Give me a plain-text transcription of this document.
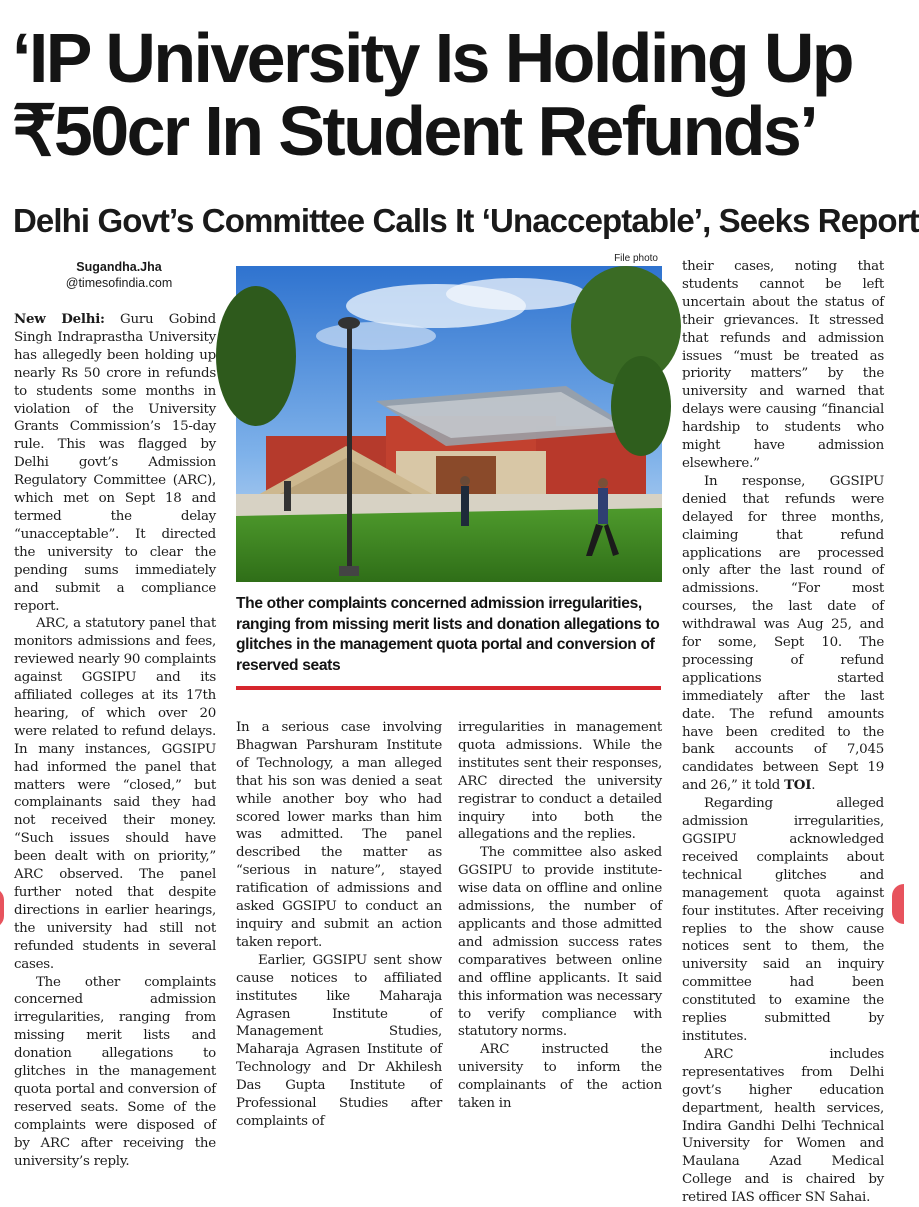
‘IP University Is Holding Up
₹50cr In Student Refunds’
Delhi Govt’s Committee Calls It ‘Unacceptable’, Seeks Report
Sugandha.Jha
@timesofindia.com
File photo

New Delhi: Guru Gobind Singh Indraprastha University has allegedly been holding up nearly Rs 50 crore in refunds to students some months in violation of the University Grants Commission’s 15-day rule. This was flagged by Delhi govt’s Admission Regulatory Committee (ARC), which met on Sept 18 and termed the delay “unacceptable”. It directed the university to clear the pending sums immediately and submit a compliance report.

ARC, a statutory panel that monitors admissions and fees, reviewed nearly 90 complaints against GGSIPU and its affiliated colleges at its 17th hearing, of which over 20 were related to refund delays. In many instances, GGSIPU had informed the panel that matters were “closed,” but complainants said they had not received their money. “Such issues should have been dealt with on priority,” ARC observed. The panel further noted that despite directions in earlier hearings, the university had still not refunded students in several cases.

The other complaints concerned admission irregularities, ranging from missing merit lists and donation allegations to glitches in the management quota portal and conversion of reserved seats. Some of the complaints were disposed of by ARC after receiving the university’s reply.

The other complaints concerned admission irregularities, ranging from missing merit lists and donation allegations to glitches in the management quota portal and conversion of reserved seats

In a serious case involving Bhagwan Parshuram Institute of Technology, a man alleged that his son was denied a seat while another boy who had scored lower marks than him was admitted. The panel described the matter as “serious in nature”, stayed ratification of admissions and asked GGSIPU to conduct an inquiry and submit an action taken report.

Earlier, GGSIPU sent show cause notices to affiliated institutes like Maharaja Agrasen Institute of Management Studies, Maharaja Agrasen Institute of Technology and Dr Akhilesh Das Gupta Institute of Professional Studies after complaints of

irregularities in management quota admissions. While the institutes sent their responses, ARC directed the university registrar to conduct a detailed inquiry into both the allegations and the replies.

The committee also asked GGSIPU to provide institute-wise data on offline and online admissions, the number of applicants and those admitted and admission success rates comparatives between online and offline applicants. It said this information was necessary to verify compliance with statutory norms.

ARC instructed the university to inform the complainants of the action taken in

their cases, noting that students cannot be left uncertain about the status of their grievances. It stressed that refunds and admission issues “must be treated as priority matters” by the university and warned that delays were causing “financial hardship to students who might have admission elsewhere.”

In response, GGSIPU denied that refunds were delayed for three months, claiming that refund applications are processed only after the last round of admissions. “For most courses, the last date of withdrawal was Aug 25, and for some, Sept 10. The processing of refund applications started immediately after the last date. The refund amounts have been credited to the bank accounts of 7,045 candidates between Sept 19 and 26,” it told TOI.

Regarding alleged admission irregularities, GGSIPU acknowledged received complaints about technical glitches and management quota against four institutes. After receiving replies to the show cause notices sent to them, the university said an inquiry committee had been constituted to examine the replies submitted by institutes.

ARC includes representatives from Delhi govt’s higher education department, health services, Indira Gandhi Delhi Technical University for Women and Maulana Azad Medical College and is chaired by retired IAS officer SN Sahai.
